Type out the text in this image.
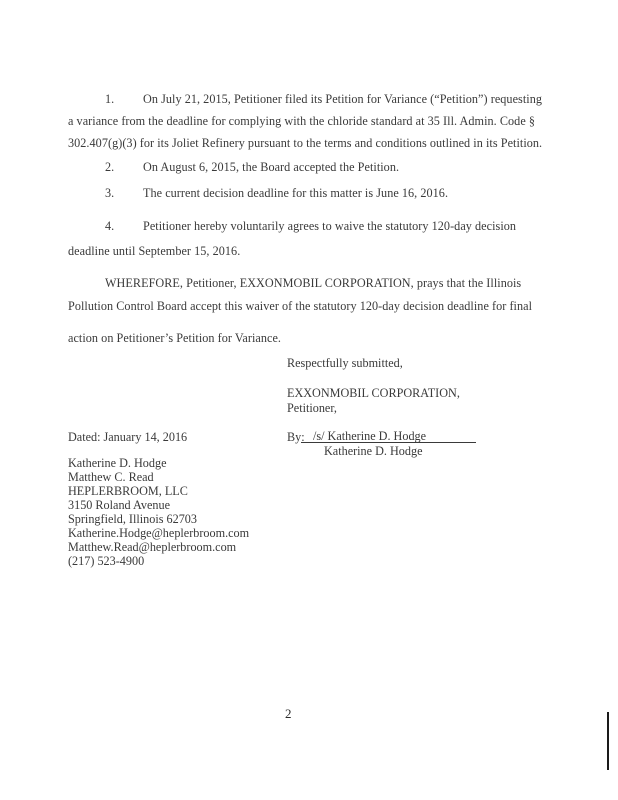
1. On July 21, 2015, Petitioner filed its Petition for Variance (“Petition”) requesting
a variance from the deadline for complying with the chloride standard at 35 Ill. Admin. Code §
302.407(g)(3) for its Joliet Refinery pursuant to the terms and conditions outlined in its Petition.
2. On August 6, 2015, the Board accepted the Petition.
3. The current decision deadline for this matter is June 16, 2016.
4. Petitioner hereby voluntarily agrees to waive the statutory 120-day decision
deadline until September 15, 2016.
WHEREFORE, Petitioner, EXXONMOBIL CORPORATION, prays that the Illinois
Pollution Control Board accept this waiver of the statutory 120-day decision deadline for final
action on Petitioner’s Petition for Variance.
Respectfully submitted,
EXXONMOBIL CORPORATION,
Petitioner,
Dated: January 14, 2016	By: /s/ Katherine D. Hodge
Katherine D. Hodge
Katherine D. Hodge
Matthew C. Read
HEPLERBROOM, LLC
3150 Roland Avenue
Springfield, Illinois 62703
Katherine.Hodge@heplerbroom.com
Matthew.Read@heplerbroom.com
(217) 523-4900
2
